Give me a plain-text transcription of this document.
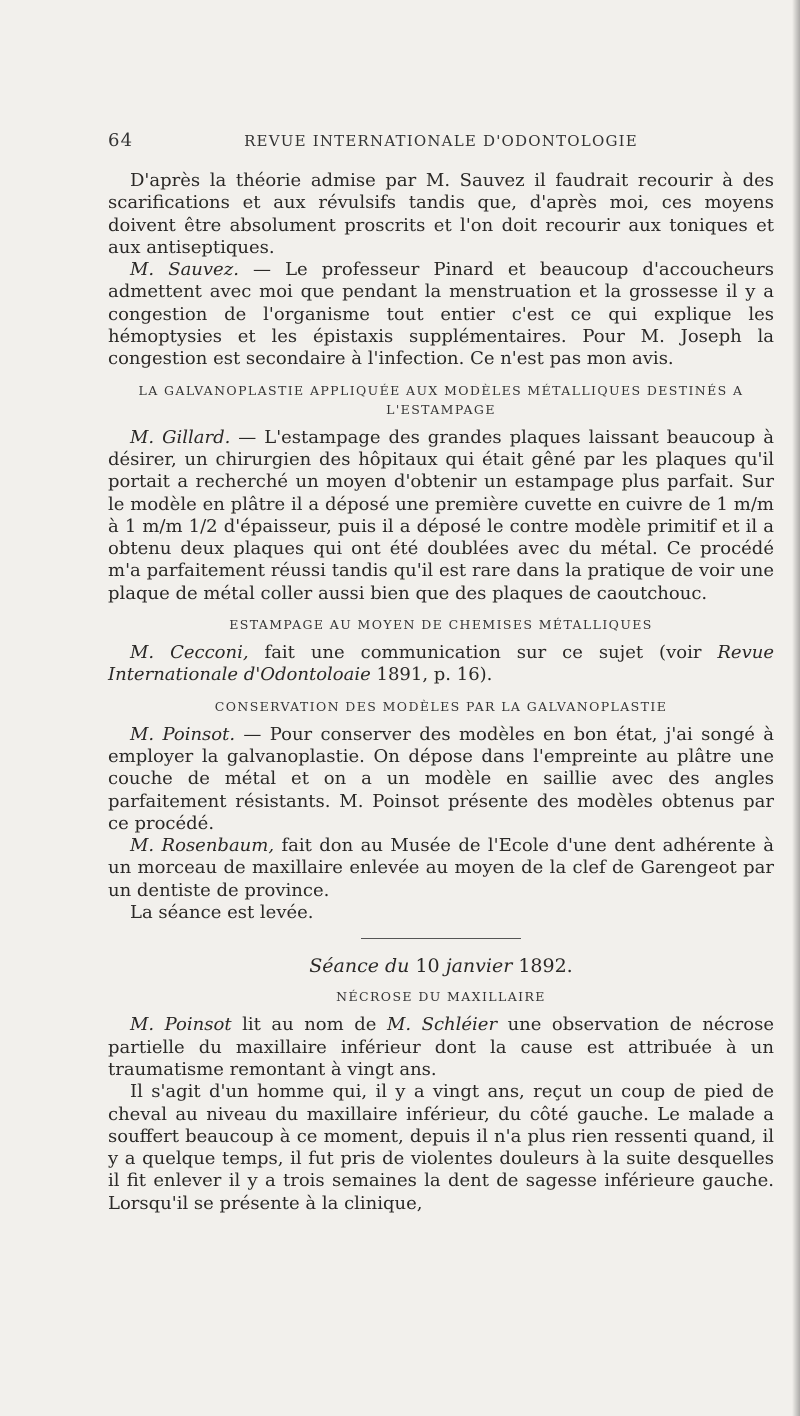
64	REVUE INTERNATIONALE D'ODONTOLOGIE

D'après la théorie admise par M. Sauvez il faudrait recourir à des scarifications et aux révulsifs tandis que, d'après moi, ces moyens doivent être absolument proscrits et l'on doit recourir aux toniques et aux antiseptiques.

M. Sauvez. — Le professeur Pinard et beaucoup d'accoucheurs admettent avec moi que pendant la menstruation et la grossesse il y a congestion de l'organisme tout entier c'est ce qui explique les hémoptysies et les épistaxis supplémentaires. Pour M. Joseph la congestion est secondaire à l'infection. Ce n'est pas mon avis.

LA GALVANOPLASTIE APPLIQUÉE AUX MODÈLES MÉTALLIQUES DESTINÉS A
L'ESTAMPAGE

M. Gillard. — L'estampage des grandes plaques laissant beaucoup à désirer, un chirurgien des hôpitaux qui était gêné par les plaques qu'il portait a recherché un moyen d'obtenir un estampage plus parfait. Sur le modèle en plâtre il a déposé une première cuvette en cuivre de 1 m/m à 1 m/m 1/2 d'épaisseur, puis il a déposé le contre modèle primitif et il a obtenu deux plaques qui ont été doublées avec du métal. Ce procédé m'a parfaitement réussi tandis qu'il est rare dans la pratique de voir une plaque de métal coller aussi bien que des plaques de caoutchouc.

ESTAMPAGE AU MOYEN DE CHEMISES MÉTALLIQUES

M. Cecconi, fait une communication sur ce sujet (voir Revue Internationale d'Odontoloaie 1891, p. 16).

CONSERVATION DES MODÈLES PAR LA GALVANOPLASTIE

M. Poinsot. — Pour conserver des modèles en bon état, j'ai songé à employer la galvanoplastie. On dépose dans l'empreinte au plâtre une couche de métal et on a un modèle en saillie avec des angles parfaitement résistants. M. Poinsot présente des modèles obtenus par ce procédé.

M. Rosenbaum, fait don au Musée de l'Ecole d'une dent adhérente à un morceau de maxillaire enlevée au moyen de la clef de Garengeot par un dentiste de province.

La séance est levée.

Séance du 10 janvier 1892.
NÉCROSE DU MAXILLAIRE

M. Poinsot lit au nom de M. Schléier une observation de nécrose partielle du maxillaire inférieur dont la cause est attribuée à un traumatisme remontant à vingt ans.

Il s'agit d'un homme qui, il y a vingt ans, reçut un coup de pied de cheval au niveau du maxillaire inférieur, du côté gauche. Le malade a souffert beaucoup à ce moment, depuis il n'a plus rien ressenti quand, il y a quelque temps, il fut pris de violentes douleurs à la suite desquelles il fit enlever il y a trois semaines la dent de sagesse inférieure gauche. Lorsqu'il se présente à la clinique,
